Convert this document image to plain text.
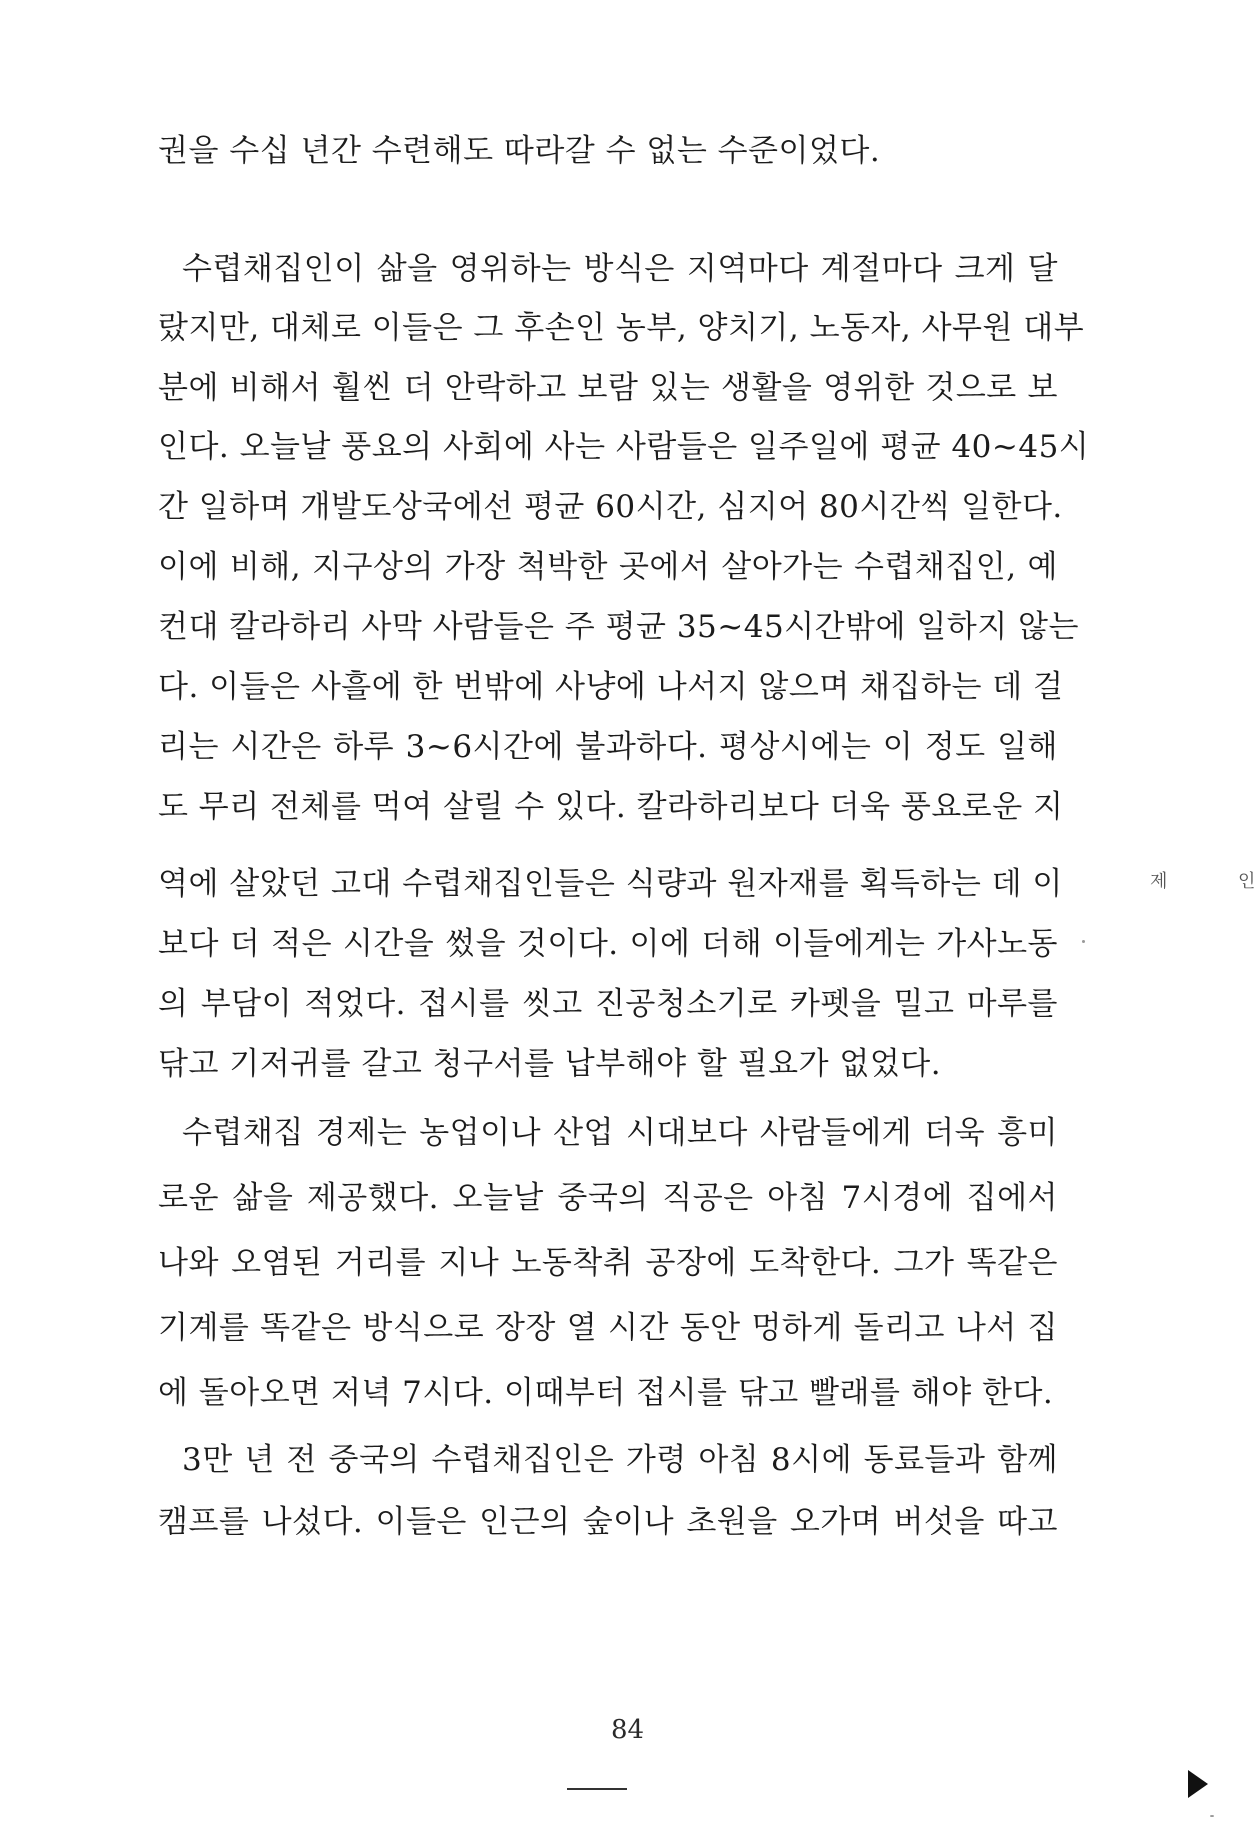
권을 수십 년간 수련해도 따라갈 수 없는 수준이었다.
수렵채집인이 삶을 영위하는 방식은 지역마다 계절마다 크게 달
랐지만, 대체로 이들은 그 후손인 농부, 양치기, 노동자, 사무원 대부
분에 비해서 훨씬 더 안락하고 보람 있는 생활을 영위한 것으로 보
인다. 오늘날 풍요의 사회에 사는 사람들은 일주일에 평균 40~45시
간 일하며 개발도상국에선 평균 60시간, 심지어 80시간씩 일한다.
이에 비해, 지구상의 가장 척박한 곳에서 살아가는 수렵채집인, 예
컨대 칼라하리 사막 사람들은 주 평균 35~45시간밖에 일하지 않는
다. 이들은 사흘에 한 번밖에 사냥에 나서지 않으며 채집하는 데 걸
리는 시간은 하루 3~6시간에 불과하다. 평상시에는 이 정도 일해
도 무리 전체를 먹여 살릴 수 있다. 칼라하리보다 더욱 풍요로운 지
역에 살았던 고대 수렵채집인들은 식량과 원자재를 획득하는 데 이
보다 더 적은 시간을 썼을 것이다. 이에 더해 이들에게는 가사노동
의 부담이 적었다. 접시를 씻고 진공청소기로 카펫을 밀고 마루를
닦고 기저귀를 갈고 청구서를 납부해야 할 필요가 없었다.
수렵채집 경제는 농업이나 산업 시대보다 사람들에게 더욱 흥미
로운 삶을 제공했다. 오늘날 중국의 직공은 아침 7시경에 집에서
나와 오염된 거리를 지나 노동착취 공장에 도착한다. 그가 똑같은
기계를 똑같은 방식으로 장장 열 시간 동안 멍하게 돌리고 나서 집
에 돌아오면 저녁 7시다. 이때부터 접시를 닦고 빨래를 해야 한다.
3만 년 전 중국의 수렵채집인은 가령 아침 8시에 동료들과 함께
캠프를 나섰다. 이들은 인근의 숲이나 초원을 오가며 버섯을 따고
84
제	인
